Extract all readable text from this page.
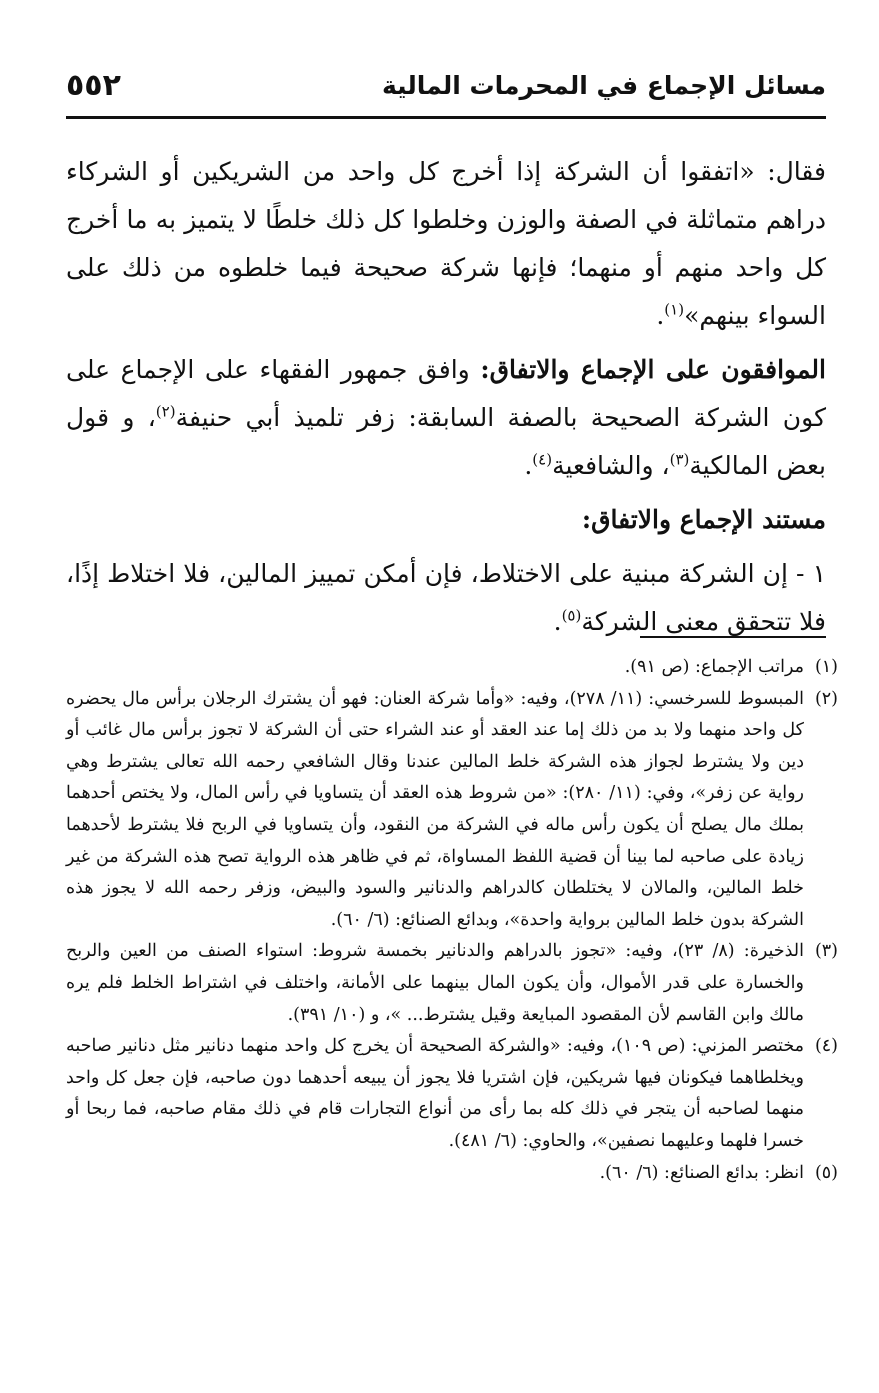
مسائل الإجماع في المحرمات المالية
٥٥٢

فقال: «اتفقوا أن الشركة إذا أخرج كل واحد من الشريكين أو الشركاء دراهم متماثلة في الصفة والوزن وخلطوا كل ذلك خلطًا لا يتميز به ما أخرج كل واحد منهم أو منهما؛ فإنها شركة صحيحة فيما خلطوه من ذلك على السواء بينهم»$^{(١)}$.

الموافقون على الإجماع والاتفاق: وافق جمهور الفقهاء على الإجماع على كون الشركة الصحيحة بالصفة السابقة: زفر تلميذ أبي حنيفة$^{(٢)}$، و قول بعض المالكية$^{(٣)}$، والشافعية$^{(٤)}$.

مستند الإجماع والاتفاق:

١ - إن الشركة مبنية على الاختلاط، فإن أمكن تمييز المالين، فلا اختلاط إذًا، فلا تتحقق معنى الشركة$^{(٥)}$.

(١)
مراتب الإجماع: (ص ٩١).
(٢)
المبسوط للسرخسي: (١١/ ٢٧٨)، وفيه: «وأما شركة العنان: فهو أن يشترك الرجلان برأس مال يحضره كل واحد منهما ولا بد من ذلك إما عند العقد أو عند الشراء حتى أن الشركة لا تجوز برأس مال غائب أو دين ولا يشترط لجواز هذه الشركة خلط المالين عندنا وقال الشافعي رحمه الله تعالى يشترط وهي رواية عن زفر»، وفي: (١١/ ٢٨٠): «من شروط هذه العقد أن يتساويا في رأس المال، ولا يختص أحدهما بملك مال يصلح أن يكون رأس ماله في الشركة من النقود، وأن يتساويا في الربح فلا يشترط لأحدهما زيادة على صاحبه لما بينا أن قضية اللفظ المساواة، ثم في ظاهر هذه الرواية تصح هذه الشركة من غير خلط المالين، والمالان لا يختلطان كالدراهم والدنانير والسود والبيض، وزفر رحمه الله لا يجوز هذه الشركة بدون خلط المالين برواية واحدة»، وبدائع الصنائع: (٦/ ٦٠).
(٣)
الذخيرة: (٨/ ٢٣)، وفيه: «تجوز بالدراهم والدنانير بخمسة شروط: استواء الصنف من العين والربح والخسارة على قدر الأموال، وأن يكون المال بينهما على الأمانة، واختلف في اشتراط الخلط فلم يره مالك وابن القاسم لأن المقصود المبايعة وقيل يشترط... »، و (١٠/ ٣٩١).
(٤)
مختصر المزني: (ص ١٠٩)، وفيه: «والشركة الصحيحة أن يخرج كل واحد منهما دنانير مثل دنانير صاحبه ويخلطاهما فيكونان فيها شريكين، فإن اشتريا فلا يجوز أن يبيعه أحدهما دون صاحبه، فإن جعل كل واحد منهما لصاحبه أن يتجر في ذلك كله بما رأى من أنواع التجارات قام في ذلك مقام صاحبه، فما ربحا أو خسرا فلهما وعليهما نصفين»، والحاوي: (٦/ ٤٨١).
(٥)
انظر: بدائع الصنائع: (٦/ ٦٠).
